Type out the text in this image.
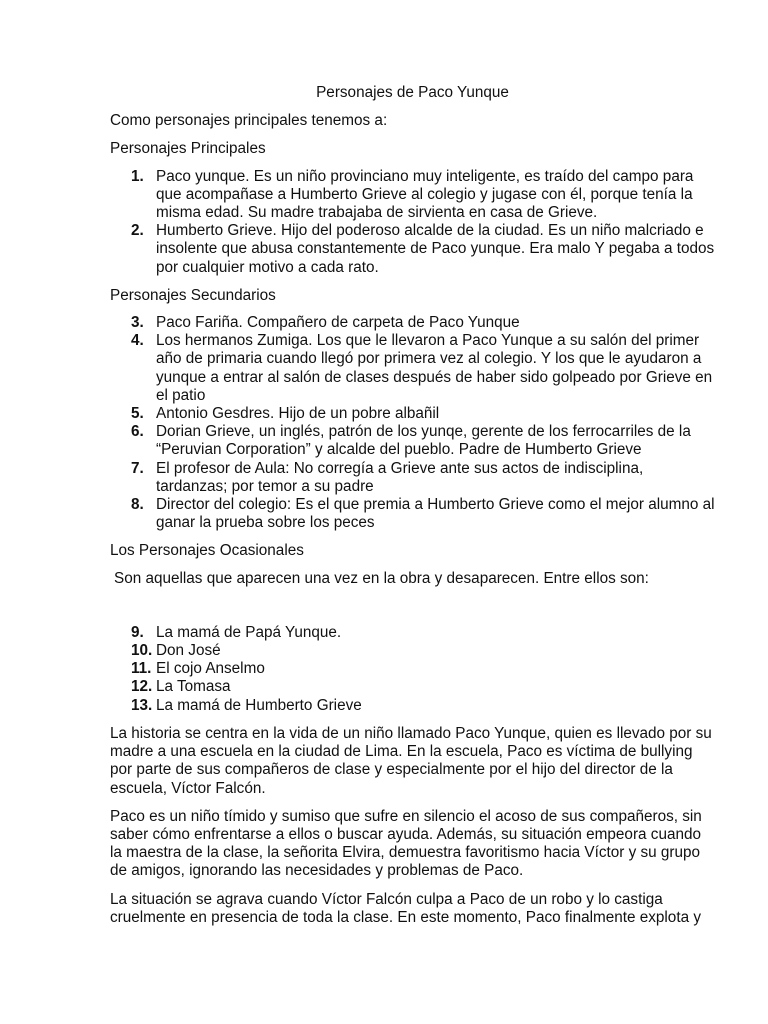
Personajes de Paco Yunque
Como personajes principales tenemos a:
Personajes Principales
1. Paco yunque. Es un niño provinciano muy inteligente, es traído del campo para que acompañase a Humberto Grieve al colegio y jugase con él, porque tenía la misma edad. Su madre trabajaba de sirvienta en casa de Grieve.
2. Humberto Grieve. Hijo del poderoso alcalde de la ciudad. Es un niño malcriado e insolente que abusa constantemente de Paco yunque. Era malo Y pegaba a todos por cualquier motivo a cada rato.
Personajes Secundarios
3. Paco Fariña. Compañero de carpeta de Paco Yunque
4. Los hermanos Zumiga. Los que le llevaron a Paco Yunque a su salón del primer año de primaria cuando llegó por primera vez al colegio. Y los que le ayudaron a yunque a entrar al salón de clases después de haber sido golpeado por Grieve en el patio
5. Antonio Gesdres. Hijo de un pobre albañil
6. Dorian Grieve, un inglés, patrón de los yunqe, gerente de los ferrocarriles de la “Peruvian Corporation” y alcalde del pueblo. Padre de Humberto Grieve
7. El profesor de Aula: No corregía a Grieve ante sus actos de indisciplina, tardanzas; por temor a su padre
8. Director del colegio: Es el que premia a Humberto Grieve como el mejor alumno al ganar la prueba sobre los peces
Los Personajes Ocasionales
Son aquellas que aparecen una vez en la obra y desaparecen. Entre ellos son:
9. La mamá de Papá Yunque.
10. Don José
11. El cojo Anselmo
12. La Tomasa
13. La mamá de Humberto Grieve
La historia se centra en la vida de un niño llamado Paco Yunque, quien es llevado por su madre a una escuela en la ciudad de Lima. En la escuela, Paco es víctima de bullying por parte de sus compañeros de clase y especialmente por el hijo del director de la escuela, Víctor Falcón.
Paco es un niño tímido y sumiso que sufre en silencio el acoso de sus compañeros, sin saber cómo enfrentarse a ellos o buscar ayuda. Además, su situación empeora cuando la maestra de la clase, la señorita Elvira, demuestra favoritismo hacia Víctor y su grupo de amigos, ignorando las necesidades y problemas de Paco.
La situación se agrava cuando Víctor Falcón culpa a Paco de un robo y lo castiga cruelmente en presencia de toda la clase. En este momento, Paco finalmente explota y
